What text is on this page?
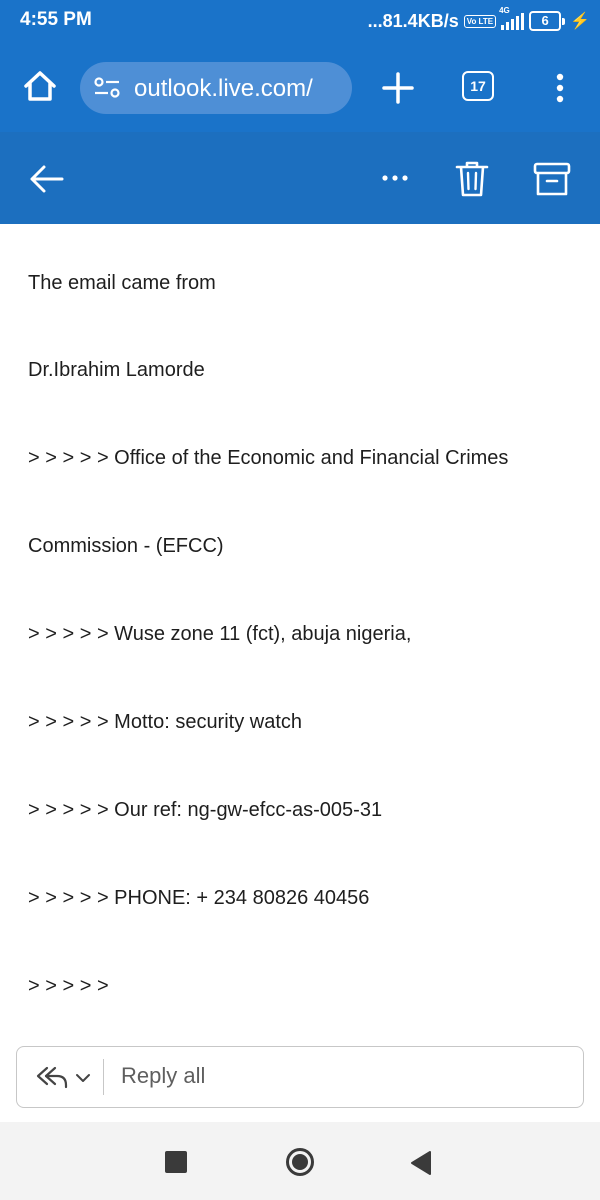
4:55 PM	...81.4KB/s	Vo LTE
4G
6	⚡
outlook.live.com/	17

The email came from

Dr.Ibrahim Lamorde

> > > > > Office of the Economic and Financial Crimes

Commission - (EFCC)

> > > > > Wuse zone 11 (fct), abuja nigeria,

> > > > > Motto: security watch

> > > > > Our ref: ng-gw-efcc-as-005-31

> > > > > PHONE: + 234 80826 40456

> > > > >

Reply all
